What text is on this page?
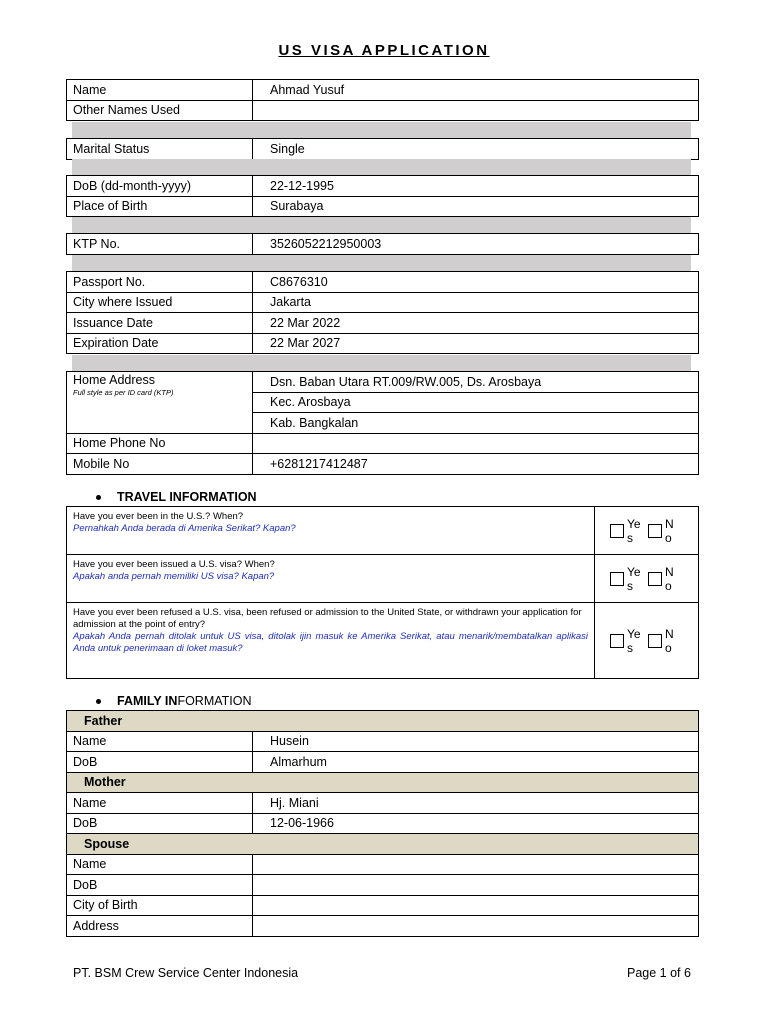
US VISA APPLICATION
Name	Ahmad Yusuf
Other Names Used	
Marital Status	Single
DoB (dd-month-yyyy)	22-12-1995
Place of Birth	Surabaya
KTP No.	3526052212950003
Passport No.	C8676310
City where Issued	Jakarta
Issuance Date	22 Mar 2022
Expiration Date	22 Mar 2027
Home Address
Full style as per ID card (KTP)	Dsn. Baban Utara RT.009/RW.005, Ds. Arosbaya
	Kec. Arosbaya
	Kab. Bangkalan
Home Phone No	
Mobile No	+6281217412487
TRAVEL INFORMATION
Have you ever been in the U.S.? When?
Pernahkah Anda berada di Amerika Serikat? Kapan?	Yes
No

Have you ever been issued a U.S. visa? When?
Apakah anda pernah memiliki US visa? Kapan?	Yes
No

Have you ever been refused a U.S. visa, been refused or admission to the United State, or withdrawn your application for admission at the point of entry?
Apakah Anda pernah ditolak untuk US visa, ditolak ijin masuk ke Amerika Serikat, atau menarik/membatalkan aplikasi Anda untuk penerimaan di loket masuk?	Yes
No
FAMILY INFORMATION
Father	
Name	Husein
DoB	Almarhum
Mother	
Name	Hj. Miani
DoB	12-06-1966
Spouse	
Name	
DoB	
City of Birth	
Address	
PT. BSM Crew Service Center Indonesia	Page 1 of 6
